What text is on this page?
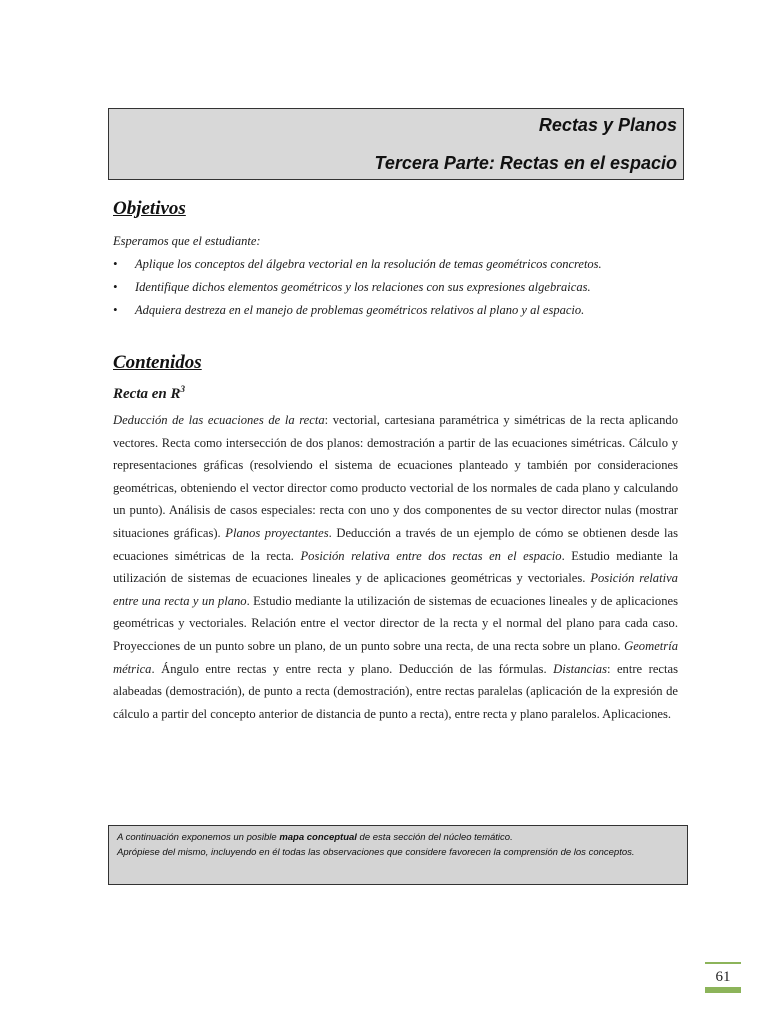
Rectas y Planos
Tercera Parte: Rectas en el espacio
Objetivos
Esperamos que el estudiante:
• Aplique los conceptos del álgebra vectorial en la resolución de temas geométricos concretos.
• Identifique dichos elementos geométricos y los relaciones con sus expresiones algebraicas.
• Adquiera destreza en el manejo de problemas geométricos relativos al plano y al espacio.
Contenidos
Recta en $R^3$
Deducción de las ecuaciones de la recta: vectorial, cartesiana paramétrica y simétricas de la recta aplicando vectores. Recta como intersección de dos planos: demostración a partir de las ecuaciones simétricas. Cálculo y representaciones gráficas (resolviendo el sistema de ecuaciones planteado y también por consideraciones geométricas, obteniendo el vector director como producto vectorial de los normales de cada plano y calculando un punto). Análisis de casos especiales: recta con uno y dos componentes de su vector director nulas (mostrar situaciones gráficas). Planos proyectantes. Deducción a través de un ejemplo de cómo se obtienen desde las ecuaciones simétricas de la recta. Posición relativa entre dos rectas en el espacio. Estudio mediante la utilización de sistemas de ecuaciones lineales y de aplicaciones geométricas y vectoriales. Posición relativa entre una recta y un plano. Estudio mediante la utilización de sistemas de ecuaciones lineales y de aplicaciones geométricas y vectoriales. Relación entre el vector director de la recta y el normal del plano para cada caso. Proyecciones de un punto sobre un plano, de un punto sobre una recta, de una recta sobre un plano. Geometría métrica. Ángulo entre rectas y entre recta y plano. Deducción de las fórmulas. Distancias: entre rectas alabeadas (demostración), de punto a recta (demostración), entre rectas paralelas (aplicación de la expresión de cálculo a partir del concepto anterior de distancia de punto a recta), entre recta y plano paralelos. Aplicaciones.
A continuación exponemos un posible mapa conceptual de esta sección del núcleo temático.
Aprópiese del mismo, incluyendo en él todas las observaciones que considere favorecen la comprensión de los conceptos.
61
